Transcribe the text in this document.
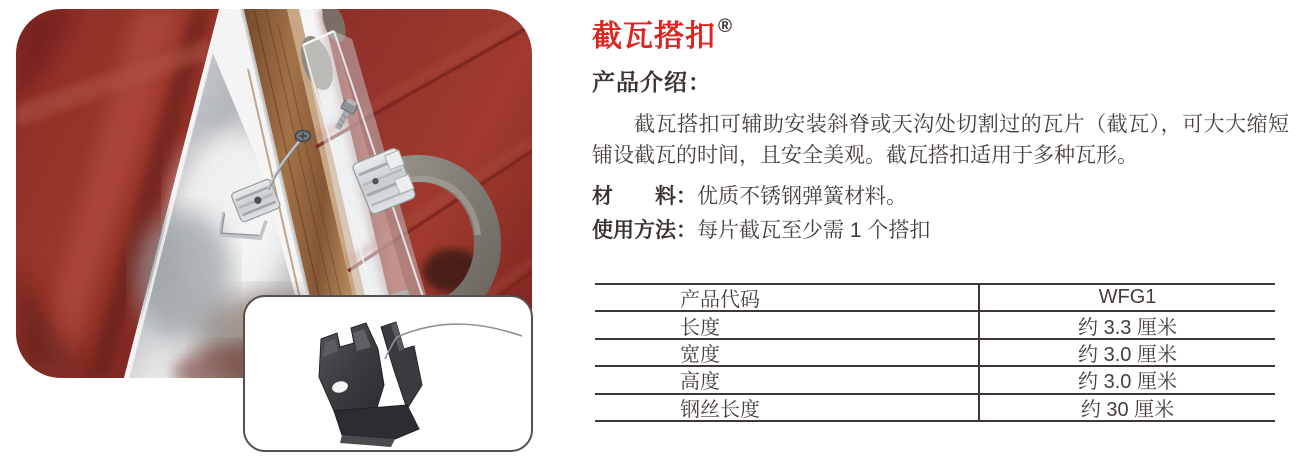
截瓦搭扣 ®
产品介绍：
截瓦搭扣可辅助安装斜脊或天沟处切割过的瓦片（截瓦），可大大缩短铺设截瓦的时间，且安全美观。截瓦搭扣适用于多种瓦形。
材　　料：优质不锈钢弹簧材料。
使用方法：每片截瓦至少需 1 个搭扣
产品代码	WFG1
长度	约 3.3 厘米
宽度	约 3.0 厘米
高度	约 3.0 厘米
钢丝长度	约 30 厘米
